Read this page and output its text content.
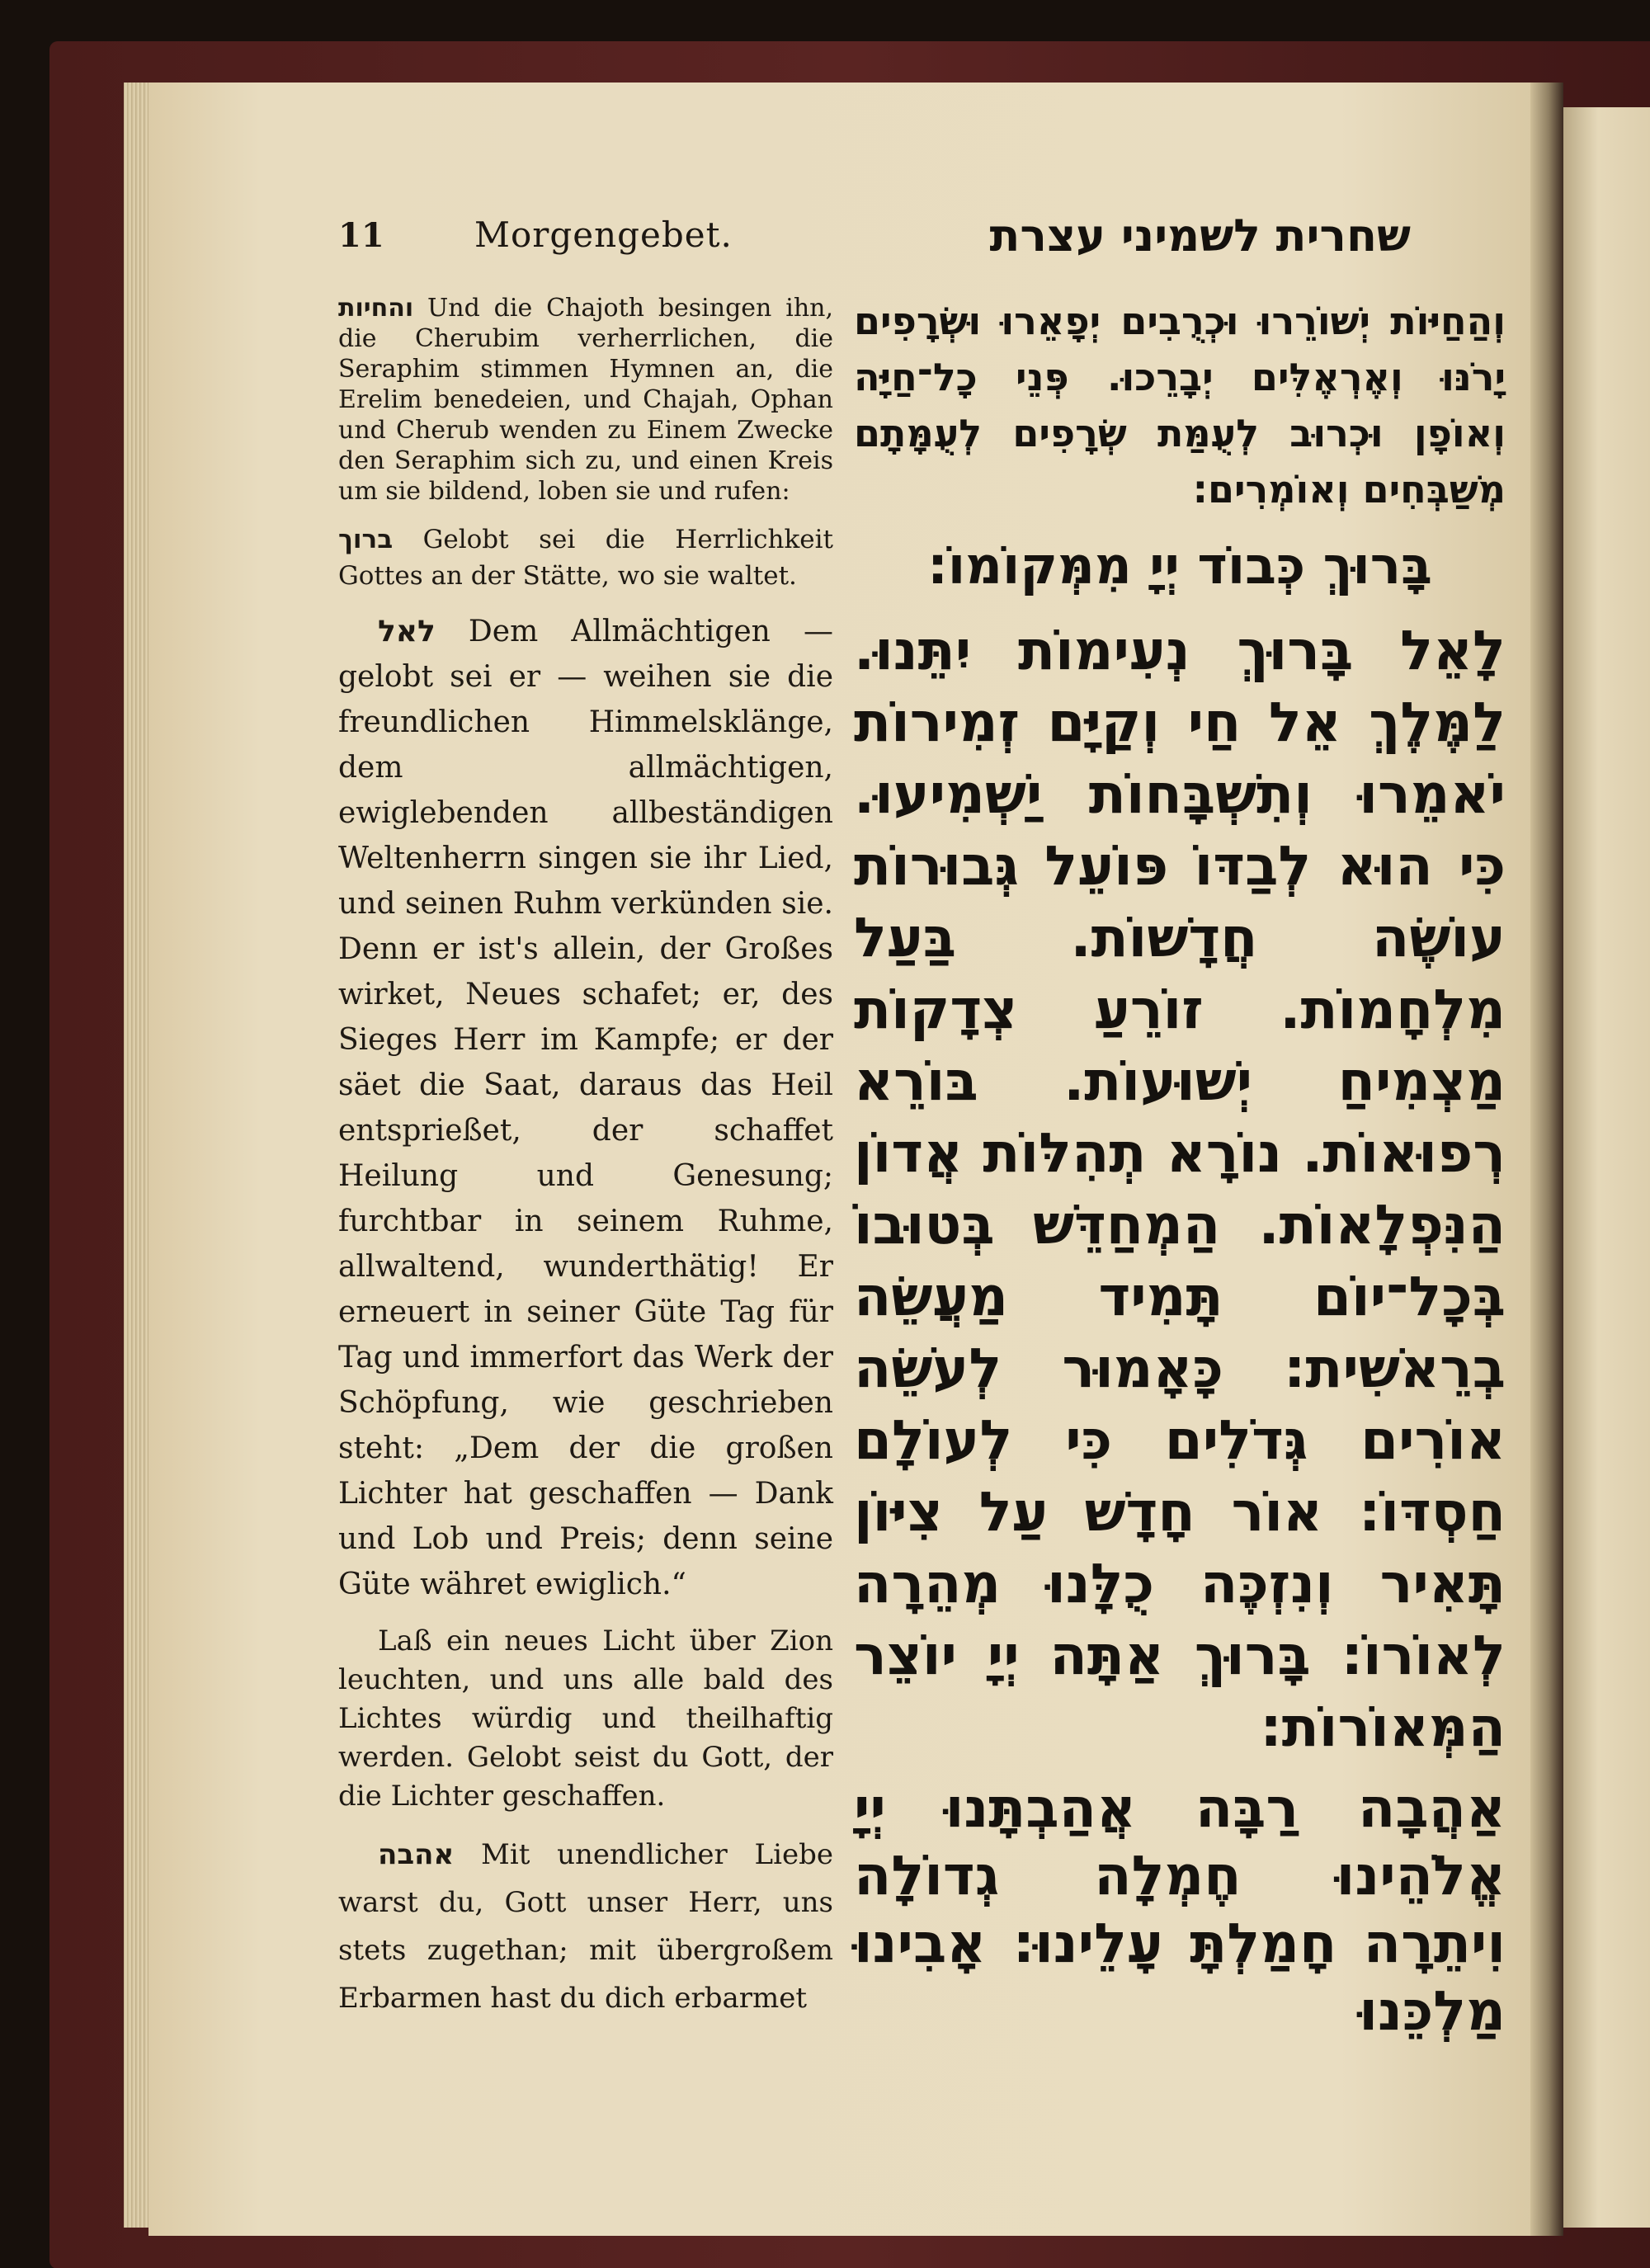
11	Morgengebet.	שחרית לשמיני עצרת

והחיות Und die Chajoth besingen ihn, die Cherubim verherrlichen, die Seraphim stimmen Hymnen an, die Erelim benedeien, und Chajah, Ophan und Cherub wenden zu Einem Zwecke den Seraphim sich zu, und einen Kreis um sie bildend, loben sie und rufen:

ברוך Gelobt sei die Herrlichkeit Gottes an der Stätte, wo sie waltet.

לאל Dem Allmächtigen — gelobt sei er — weihen sie die freundlichen Himmelsklänge, dem allmächtigen, ewiglebenden allbeständigen Weltenherrn singen sie ihr Lied, und seinen Ruhm verkünden sie. Denn er ist's allein, der Großes wirket, Neues schafet; er, des Sieges Herr im Kampfe; er der säet die Saat, daraus das Heil entsprießet, der schaffet Heilung und Genesung; furchtbar in seinem Ruhme, allwaltend, wunderthätig! Er erneuert in seiner Güte Tag für Tag und immerfort das Werk der Schöpfung, wie geschrieben steht: „Dem der die großen Lichter hat geschaffen — Dank und Lob und Preis; denn seine Güte währet ewiglich.“

Laß ein neues Licht über Zion leuchten, und uns alle bald des Lichtes würdig und theilhaftig werden. Gelobt seist du Gott, der die Lichter geschaffen.

אהבה Mit unendlicher Liebe warst du, Gott unser Herr, uns stets zugethan; mit übergroßem Erbarmen hast du dich erbarmet

וְהַחַיּוֹת יְשׁוֹרֵרוּ וּכְרֻבִים יְפָאֵרוּ וּשְׂרָפִים יָרֹנּוּ וְאֶרְאֶלִּים יְבָרֵכוּ. פְּנֵי כָל־חַיָּה וְאוֹפָן וּכְרוּב לְעֻמַּת שְׂרָפִים לְעֻמָּתָם מְשַׁבְּחִים וְאוֹמְרִים:

בָּרוּךְ כְּבוֹד יְיָ מִמְּקוֹמוֹ:

לָאֵל בָּרוּךְ נְעִימוֹת יִתֵּנוּ. לַמֶּלֶךְ אֵל חַי וְקַיָּם זְמִירוֹת יֹאמֵרוּ וְתִשְׁבָּחוֹת יַשְׁמִיעוּ. כִּי הוּא לְבַדּוֹ פּוֹעֵל גְּבוּרוֹת עוֹשֶׂה חֲדָשׁוֹת. בַּעַל מִלְחָמוֹת. זוֹרֵעַ צְדָקוֹת מַצְמִיחַ יְשׁוּעוֹת. בּוֹרֵא רְפוּאוֹת. נוֹרָא תְהִלּוֹת אֲדוֹן הַנִּפְלָאוֹת. הַמְחַדֵּשׁ בְּטוּבוֹ בְּכָל־יוֹם תָּמִיד מַעֲשֵׂה בְרֵאשִׁית: כָּאָמוּר לְעֹשֵׂה אוֹרִים גְּדֹלִים כִּי לְעוֹלָם חַסְדּוֹ: אוֹר חָדָשׁ עַל צִיּוֹן תָּאִיר וְנִזְכֶּה כֻלָּנוּ מְהֵרָה לְאוֹרוֹ: בָּרוּךְ אַתָּה יְיָ יוֹצֵר הַמְּאוֹרוֹת:

אַהֲבָה רַבָּה אֲהַבְתָּנוּ יְיָ אֱלֹהֵינוּ חֶמְלָה גְדוֹלָה וִיתֵרָה חָמַלְתָּ עָלֵינוּ: אָבִינוּ מַלְכֵּנוּ
